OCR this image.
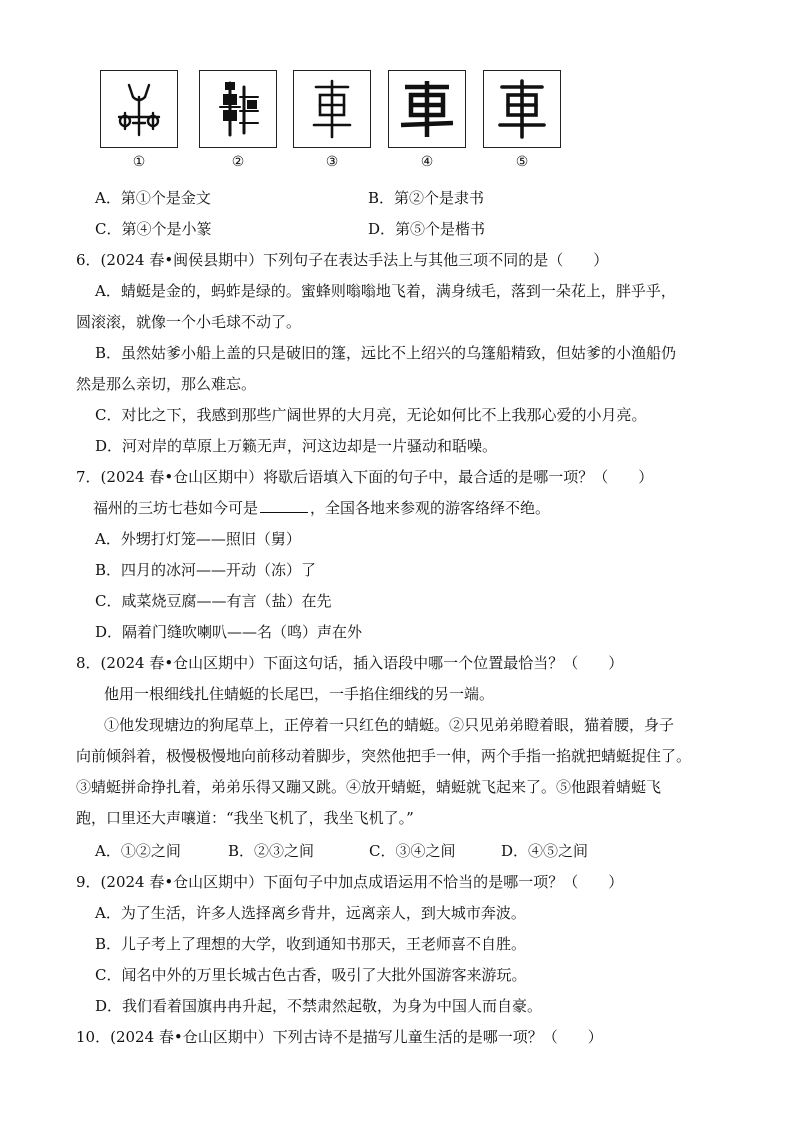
①	②	③	④	⑤
A．第①个是金文	B．第②个是隶书
C．第④个是小篆	D．第⑤个是楷书
6．(2024 春•闽侯县期中）下列句子在表达手法上与其他三项不同的是（　　）
A．蜻蜓是金的，蚂蚱是绿的。蜜蜂则嗡嗡地飞着，满身绒毛，落到一朵花上，胖乎乎，
圆滚滚，就像一个小毛球不动了。
B．虽然姑爹小船上盖的只是破旧的篷，远比不上绍兴的乌篷船精致，但姑爹的小渔船仍
然是那么亲切，那么难忘。
C．对比之下，我感到那些广阔世界的大月亮，无论如何比不上我那心爱的小月亮。
D．河对岸的草原上万籁无声，河这边却是一片骚动和聒噪。
7．(2024 春•仓山区期中）将歇后语填入下面的句子中，最合适的是哪一项？（　　）
福州的三坊七巷如今可是	，全国各地来参观的游客络绎不绝。
A．外甥打灯笼——照旧（舅）
B．四月的冰河——开动（冻）了
C．咸菜烧豆腐——有言（盐）在先
D．隔着门缝吹喇叭——名（鸣）声在外
8．(2024 春•仓山区期中）下面这句话，插入语段中哪一个位置最恰当？（　　）
他用一根细线扎住蜻蜓的长尾巴，一手掐住细线的另一端。
①他发现塘边的狗尾草上，正停着一只红色的蜻蜓。②只见弟弟瞪着眼，猫着腰，身子
向前倾斜着，极慢极慢地向前移动着脚步，突然他把手一伸，两个手指一掐就把蜻蜓捉住了。
③蜻蜓拼命挣扎着，弟弟乐得又蹦又跳。④放开蜻蜓，蜻蜓就飞起来了。⑤他跟着蜻蜓飞
跑，口里还大声嚷道：“我坐飞机了，我坐飞机了。”
A．①②之间	B．②③之间	C．③④之间	D．④⑤之间
9．(2024 春•仓山区期中）下面句子中加点成语运用不恰当的是哪一项？（　　）
A．为了生活，许多人选择离乡背井，远离亲人，到大城市奔波。
B．儿子考上了理想的大学，收到通知书那天，王老师喜不自胜。
C．闻名中外的万里长城古色古香，吸引了大批外国游客来游玩。
D．我们看着国旗冉冉升起，不禁肃然起敬，为身为中国人而自豪。
10．(2024 春•仓山区期中）下列古诗不是描写儿童生活的是哪一项？（　　）
